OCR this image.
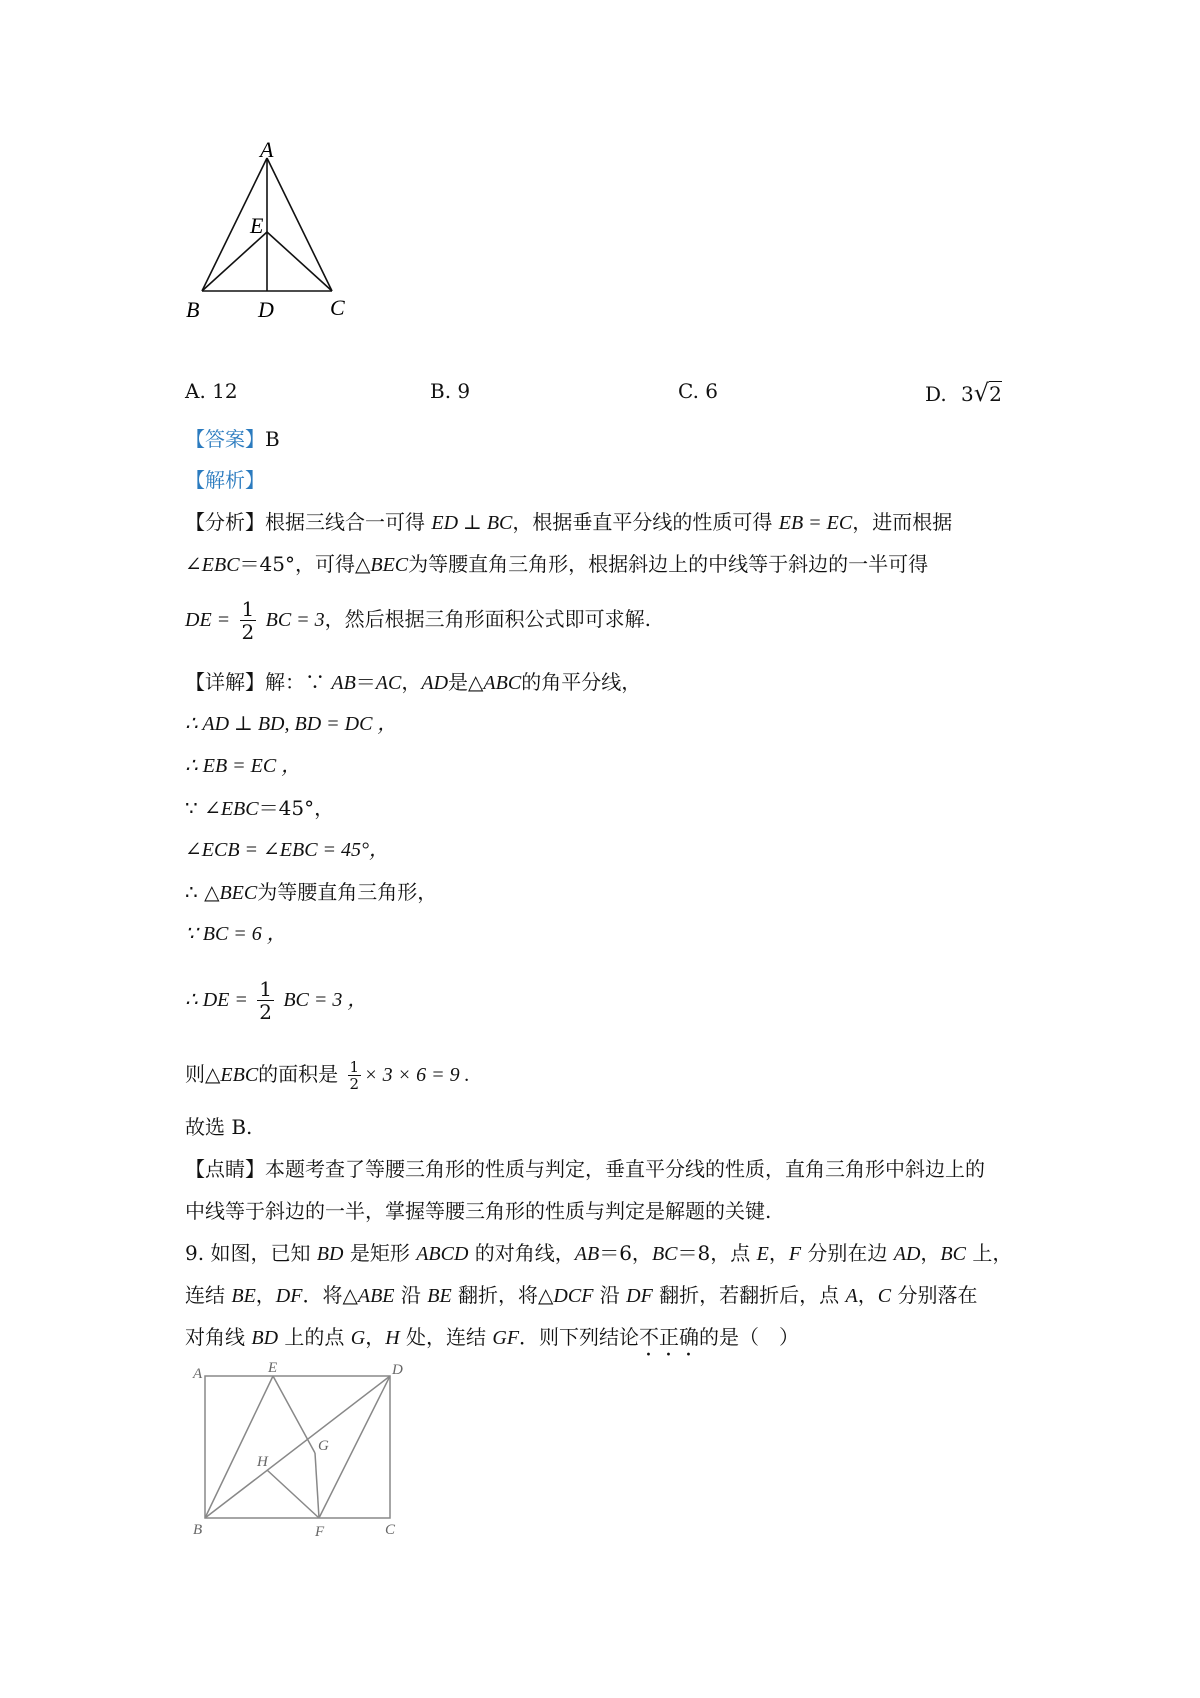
A
E
B	D	C
A. 12	B. 9	C. 6	D. 3√2
【答案】B
【解析】
【分析】根据三线合一可得 ED ⊥ BC，根据垂直平分线的性质可得 EB = EC，进而根据
∠EBC＝45°，可得△BEC为等腰直角三角形，根据斜边上的中线等于斜边的一半可得
DE = $\frac{1}{2}$ BC = 3，然后根据三角形面积公式即可求解.
【详解】解：∵ AB＝AC，AD是△ABC的角平分线，
∴ AD ⊥ BD, BD = DC ，
∴ EB = EC ，
∵ ∠EBC＝45°，
∠ECB = ∠EBC = 45°，
∴ △BEC为等腰直角三角形，
∵ BC = 6 ，
∴ DE = $\frac{1}{2}$ BC = 3 ，
则△EBC的面积是 $\frac{1}{2} \times 3 \times 6 = 9$ .
故选 B.
【点睛】本题考查了等腰三角形的性质与判定，垂直平分线的性质，直角三角形中斜边上的
中线等于斜边的一半，掌握等腰三角形的性质与判定是解题的关键.
9. 如图，已知 BD 是矩形 ABCD 的对角线，AB＝6，BC＝8，点 E，F 分别在边 AD，BC 上，
连结 BE，DF．将△ABE 沿 BE 翻折，将△DCF 沿 DF 翻折，若翻折后，点 A，C 分别落在
对角线 BD 上的点 G，H 处，连结 GF．则下列结论不正确的是（　）
A	E	D
G
H
B	F	C
